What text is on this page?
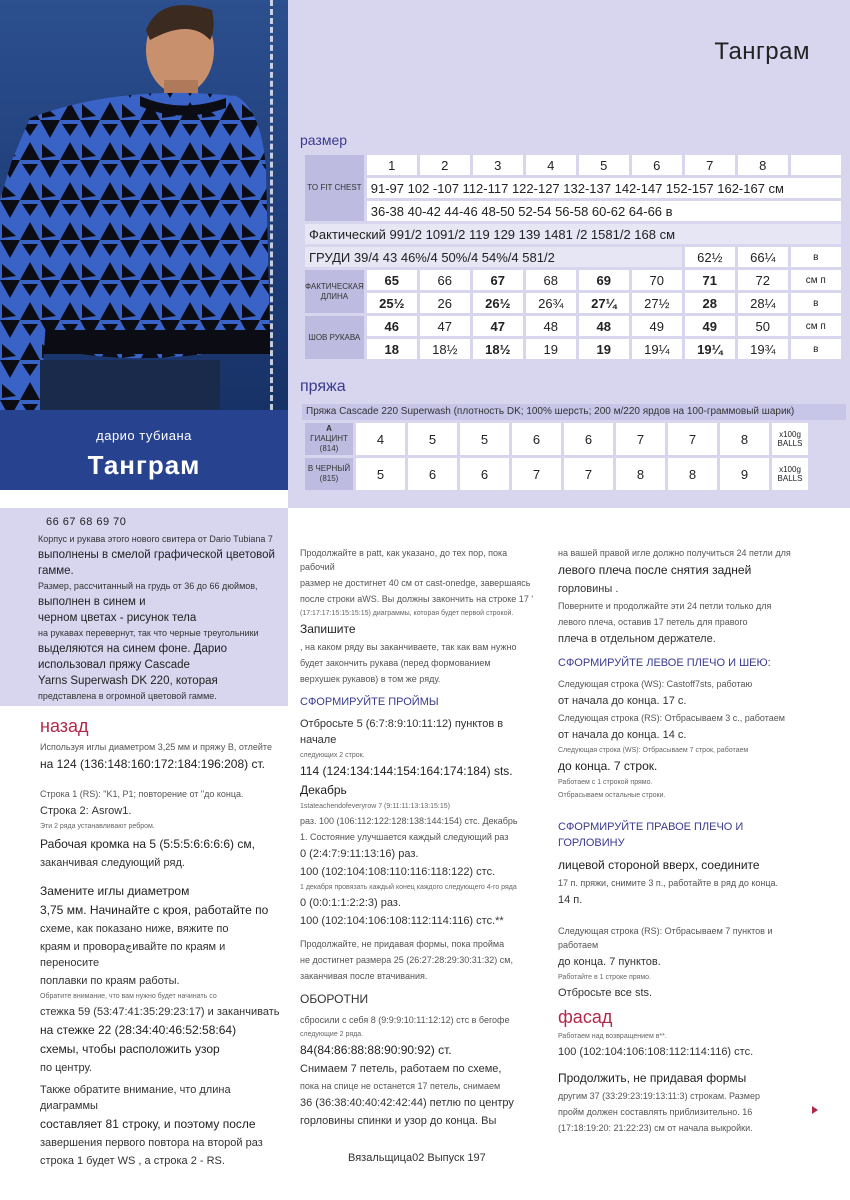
дарио тубиана
Танграм
Танграм
размер
TO FIT CHEST	1	2	3	4	5	6	7	8	
	91-97 102 -107 112-117 122-127 132-137 142-147 152-157 162-167 см								
	36-38 40-42 44-46 48-50 52-54 56-58 60-62 64-66 в								
Фактический 991/2 1091/2 119 129 139 1481 /2 1581/2 168 см									
ГРУДИ 39/4 43 46%/4 50%/4 54%/4 581/2							62½	66¼	в
ФАКТИЧЕСКАЯ ДЛИНА	65	66	67	68	69	70	71	72	см п
	25½	26	26½	26¾	27¼	27½	28	28¼	в
ШОВ РУКАВА	46	47	47	48	48	49	49	50	см п
	18	18½	18½	19	19	19¼	19¼	19¾	в
пряжа
Пряжа Cascade 220 Superwash (плотность DK; 100% шерсть; 200 м/220 ярдов на 100-граммовый шарик)
A
ГИАЦИНТ
(814)	4	5	5	6	6	7	7	8	x100g BALLS
B ЧЕРНЫЙ
(815)	5	6	6	7	7	8	8	9	x100g BALLS
66 67 68 69 70

Корпус и рукава этого нового свитера от Dario Tubiana 7

выполнены в смелой графической цветовой гамме.

Размер, рассчитанный на грудь от 36 до 66 дюймов,

выполнен в синем и

черном цветах - рисунок тела

на рукавах перевернут, так что черные треугольники

выделяются на синем фоне. Дарио

использовал пряжу Cascade

Yarns Superwash DK 220, которая

представлена в огромной цветовой гамме.

назад

Используя иглы диаметром 3,25 мм и пряжу B, отлейте

на 124 (136:148:160:172:184:196:208) ст.

Строка 1 (RS): "K1, P1; повторение от "до конца.

Строка 2: Asrow1.

Эти 2 ряда устанавливают ребром.

Рабочая кромка на 5 (5:5:5:6:6:6:6) см,

заканчивая следующий ряд.

Замените иглы диаметром

3,75 мм. Начинайте с кроя, работайте по

схеме, как показано ниже, вяжите по

краям и провораچивайте по краям и переносите

поплавки по краям работы.

Обратите внимание, что вам нужно будет начинать со

стежка 59 (53:47:41:35:29:23:17) и заканчивать

на стежке 22 (28:34:40:46:52:58:64)

схемы, чтобы расположить узор

по центру.

Также обратите внимание, что длина диаграммы

составляет 81 строку, и поэтому после

завершения первого повтора на второй раз

строка 1 будет WS , а строка 2 - RS.

Продолжайте в patt, как указано, до тех пор, пока рабочий

размер не достигнет 40 см от cast-onedge, завершаясь

после строки aWS. Вы должны закончить на строке 17 '

(17:17:17:15:15:15:15) диаграммы, которая будет первой строкой.

Запишите

, на каком ряду вы заканчиваете, так как вам нужно

будет закончить рукава (перед формованием

верхушек рукавов) в том же ряду.

СФОРМИРУЙТЕ ПРОЙМЫ

Отбросьте 5 (6:7:8:9:10:11:12) пунктов в начале

следующих 2 строк.

114 (124:134:144:154:164:174:184) sts.

Декабрь

1stateachendofeveryrow 7 (9:11:11:13:13:15:15)

раз. 100 (106:112:122:128:138:144:154) стс. Декабрь

1. Состояние улучшается каждый следующий раз

0 (2:4:7:9:11:13:16) раз.

100 (102:104:108:110:116:118:122) стс.

1 декабря провязать каждый конец каждого следующего 4-го ряда

0 (0:0:1:1:2:2:3) раз.

100 (102:104:106:108:112:114:116) стс.**

Продолжайте, не придавая формы, пока пройма

не достигнет размера 25 (26:27:28:29:30:31:32) см,

заканчивая после втачивания.

ОБОРОТНИ

сбросили с себя 8 (9:9:9:10:11:12:12) стс в бегофе

следующие 2 ряда.

84(84:86:88:88:90:90:92) ст.

Снимаем 7 петель, работаем по схеме,

пока на спице не останется 17 петель, снимаем

36 (36:38:40:40:42:42:44) петлю по центру

горловины спинки и узор до конца. Вы

на вашей правой игле должно получиться 24 петли для

левого плеча после снятия задней

горловины .

Повернитe и продолжайте эти 24 петли только для

левого плеча, оставив 17 петель для правого

плеча в отдельном держателе.

СФОРМИРУЙТЕ ЛЕВОЕ ПЛЕЧО И ШЕЮ:

Следующая строка (WS): Castoff7sts, работаю

от начала до конца. 17 с.

Следующая строка (RS): Отбрасываем 3 с., работаем

от начала до конца. 14 с.

Следующая строка (WS): Отбрасываем 7 строк, работаем

до конца. 7 строк.

Работаем с 1 строкой прямо.

Отбрасываем остальные строки.

СФОРМИРУЙТЕ ПРАВОЕ ПЛЕЧО И ГОРЛОВИНУ

лицевой стороной вверх, соедините

17 п. пряжи, снимите 3 п., работайте в ряд до конца.

14 п.

Следующая строка (RS): Отбрасываем 7 пунктов и работаем

до конца. 7 пунктов.

Работайте в 1 строке прямо.

Отбросьте все sts.

фасад

Работаем над возвращением в**.

100 (102:104:106:108:112:114:116) стс.

Продолжить, не придавая формы

другим 37 (33:29:23:19:13:11:3) строкам. Размер

пройм должен составлять приблизительно. 16

(17:18:19:20: 21:22:23) см от начала выкройки.

Вязальщица02 Выпуск 197
